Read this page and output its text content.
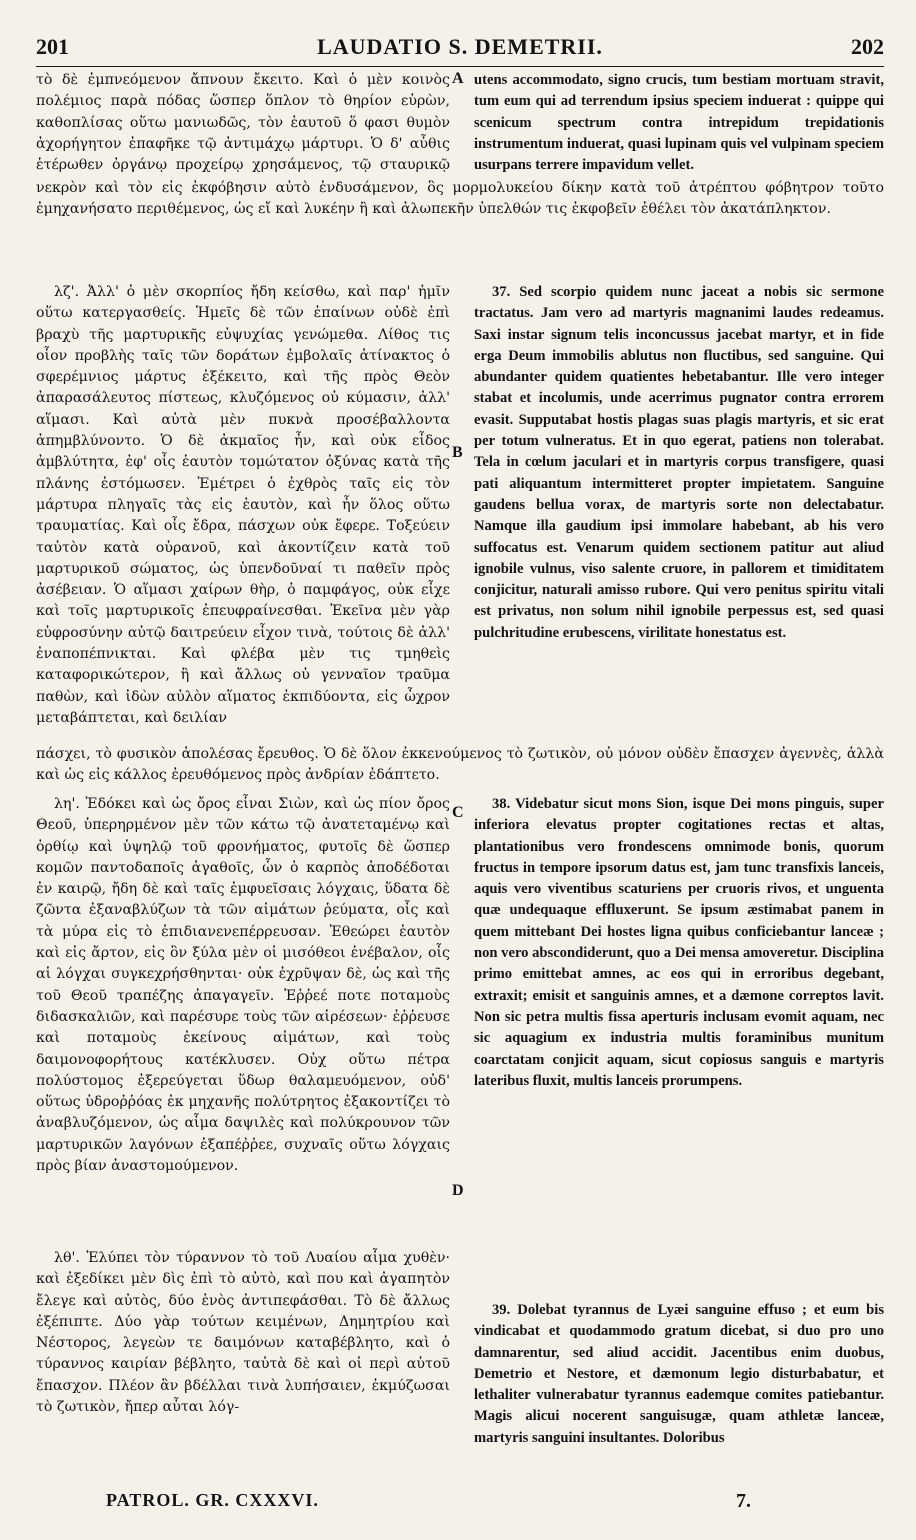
201	LAUDATIO S. DEMETRII.	202

τὸ δὲ ἐμπνεόμενον ἄπνουν ἔκειτο. Καὶ ὁ μὲν κοινὸς πολέμιος παρὰ πόδας ὥσπερ ὅπλον τὸ θηρίον εὑρὼν, καθοπλίσας οὕτω μανιωδῶς, τὸν ἑαυτοῦ ὅ φασι θυμὸν ἀχορήγητον ἐπαφῆκε τῷ ἀντιμάχῳ μάρτυρι. Ὁ δ' αὖθις ἑτέρωθεν ὀργάνῳ προχείρῳ χρησάμενος, τῷ σταυρικῷ

A utens accommodato, signo crucis, tum bestiam mortuam stravit, tum eum qui ad terrendum ipsius speciem induerat : quippe qui scenicum spectrum contra intrepidum trepidationis instrumentum induerat, quasi lupinam quis vel vulpinam speciem usurpans terrere impavidum vellet.

νεκρὸν καὶ τὸν εἰς ἐκφόβησιν αὐτὸ ἐνδυσάμενον, ὃς μορμολυκείου δίκην κατὰ τοῦ ἀτρέπτου φόβητρον τοῦτο ἐμηχανήσατο περιθέμενος, ὡς εἴ καὶ λυκέην ἢ καὶ ἀλωπεκῆν ὑπελθών τις ἐκφοβεῖν ἐθέλει τὸν ἀκατάπληκτον.

λζ'. Ἀλλ' ὁ μὲν σκορπίος ἤδη κείσθω, καὶ παρ' ἡμῖν οὕτω κατεργασθείς. Ἡμεῖς δὲ τῶν ἐπαίνων οὐδὲ ἐπὶ βραχὺ τῆς μαρτυρικῆς εὐψυχίας γενώμεθα. Λίθος τις οἷον προβλὴς ταῖς τῶν δοράτων ἐμβολαῖς ἀτίνακτος ὁ σφερέμνιος μάρτυς ἐξέκειτο, καὶ τῆς πρὸς Θεὸν ἀπαρασάλευτος πίστεως, κλυζόμενος οὐ κύμασιν, ἀλλ' αἵμασι. Καὶ αὐτὰ μὲν πυκνὰ προσέβαλλοντα ἀπημβλύνοντο. Ὁ δὲ ἀκμαῖος ἦν, καὶ οὐκ εἶδος ἀμβλύτητα, ἐφ' οἷς ἑαυτὸν τομώτατον ὀξύνας κατὰ τῆς πλάνης ἐστόμωσεν. Ἐμέτρει ὁ ἐχθρὸς ταῖς εἰς τὸν μάρτυρα πληγαῖς τὰς εἰς ἑαυτὸν, καὶ ἦν ὅλος οὕτω τραυματίας. Καὶ οἷς ἔδρα, πάσχων οὐκ ἔφερε. Τοξεύειν ταὐτὸν κατὰ οὐρανοῦ, καὶ ἀκοντίζειν κατὰ τοῦ μαρτυρικοῦ σώματος, ὡς ὑπενδοῦναί τι παθεῖν πρὸς ἀσέβειαν. Ὁ αἵμασι χαίρων θὴρ, ὁ παμφάγος, οὐκ εἶχε καὶ τοῖς μαρτυρικοῖς ἐπευφραίνεσθαι. Ἐκεῖνα μὲν γὰρ εὐφροσύνην αὐτῷ δαιτρεύειν εἶχον τινὰ, τούτοις δὲ ἀλλ' ἐναποπέπνικται. Καὶ φλέβα μὲν τις τμηθεὶς καταφορικώτερον, ἢ καὶ ἄλλως οὐ γενναῖον τραῦμα παθὼν, καὶ ἰδὼν αὐλὸν αἵματος ἐκπιδύοντα, εἰς ὦχρον μεταβάπτεται, καὶ δειλίαν

B

37. Sed scorpio quidem nunc jaceat a nobis sic sermone tractatus. Jam vero ad martyris magnanimi laudes redeamus. Saxi instar signum telis inconcussus jacebat martyr, et in fide erga Deum immobilis ablutus non fluctibus, sed sanguine. Qui abundanter quidem quatientes hebetabantur. Ille vero integer stabat et incolumis, unde acerrimus pugnator contra errorem evasit. Supputabat hostis plagas suas plagis martyris, et sic erat per totum vulneratus. Et in quo egerat, patiens non tolerabat. Tela in cœlum jaculari et in martyris corpus transfigere, quasi pati aliquantum intermitteret propter impietatem. Sanguine gaudens bellua vorax, de martyris sorte non delectabatur. Namque illa gaudium ipsi immolare habebant, ab his vero suffocatus est. Venarum quidem sectionem patitur aut aliud ignobile vulnus, viso salente cruore, in pallorem et timiditatem conjicitur, naturali amisso rubore. Qui vero penitus spiritu vitali est privatus, non solum nihil ignobile perpessus est, sed quasi pulchritudine erubescens, virilitate honestatus est.

πάσχει, τὸ φυσικὸν ἀπολέσας ἔρευθος. Ὁ δὲ ὅλον ἐκκενούμενος τὸ ζωτικὸν, οὐ μόνον οὐδὲν ἔπασχεν ἀγεννὲς, ἀλλὰ καὶ ὡς εἰς κάλλος ἐρευθόμενος πρὸς ἀνδρίαν ἐδάπτετο.

λη'. Ἐδόκει καὶ ὡς ὄρος εἶναι Σιὼν, καὶ ὡς πίον ὄρος Θεοῦ, ὑπερηρμένον μὲν τῶν κάτω τῷ ἀνατεταμένῳ καὶ ὀρθίῳ καὶ ὑψηλῷ τοῦ φρονήματος, φυτοῖς δὲ ὥσπερ κομῶν παντοδαποῖς ἀγαθοῖς, ὧν ὁ καρπὸς ἀποδέδοται ἐν καιρῷ, ἤδη δὲ καὶ ταῖς ἐμφυεῖσαις λόγχαις, ὕδατα δὲ ζῶντα ἐξαναβλύζων τὰ τῶν αἱμάτων ῥεύματα, οἷς καὶ τὰ μύρα εἰς τὸ ἐπιδιανενεπέρρευσαν. Ἐθεώρει ἑαυτὸν καὶ εἰς ἄρτον, εἰς ὃν ξύλα μὲν οἱ μισόθεοι ἐνέβαλον, οἷς αἱ λόγχαι συγκεχρήσθηνται· οὐκ ἐχρῦψαν δὲ, ὡς καὶ τῆς τοῦ Θεοῦ τραπέζης ἀπαγαγεῖν. Ἐῤῥεέ ποτε ποταμοὺς διδασκαλιῶν, καὶ παρέσυρε τοὺς τῶν αἱρέσεων· ἐῤῥευσε καὶ ποταμοὺς ἐκείνους αἱμάτων, καὶ τοὺς δαιμονοφορήτους κατέκλυσεν. Οὐχ οὕτω πέτρα πολύστομος ἐξερεύγεται ὕδωρ θαλαμευόμενον, οὐδ' οὕτως ὑδροῤῥόας ἐκ μηχανῆς πολύτρητος ἐξακοντίζει τὸ ἀναβλυζόμενον, ὡς αἷμα δαψιλὲς καὶ πολύκρουνον τῶν μαρτυρικῶν λαγόνων ἐξαπέῤῥεε, συχναῖς οὕτω λόγχαις πρὸς βίαν ἀναστομούμενον.

C
D

38. Videbatur sicut mons Sion, isque Dei mons pinguis, super inferiora elevatus propter cogitationes rectas et altas, plantationibus vero frondescens omnimode bonis, quorum fructus in tempore ipsorum datus est, jam tunc transfixis lanceis, aquis vero viventibus scaturiens per cruoris rivos, et unguenta quæ undequaque effluxerunt. Se ipsum æstimabat panem in quem mittebant Dei hostes ligna quibus conficiebantur lanceæ ; non vero abscondiderunt, quo a Dei mensa amoveretur. Disciplina primo emittebat amnes, ac eos qui in erroribus degebant, extraxit; emisit et sanguinis amnes, et a dæmone correptos lavit. Non sic petra multis fissa aperturis inclusam evomit aquam, nec sic aquagium ex industria multis foraminibus munitum coarctatam conjicit aquam, sicut copiosus sanguis e martyris lateribus fluxit, multis lanceis prorumpens.

λθ'. Ἐλύπει τὸν τύραννον τὸ τοῦ Λυαίου αἷμα χυθὲν· καὶ ἐξεδίκει μὲν δὶς ἐπὶ τὸ αὐτὸ, καὶ που καὶ ἀγαπητὸν ἔλεγε καὶ αὐτὸς, δύο ἑνὸς ἀντιπεφάσθαι. Τὸ δὲ ἄλλως ἐξέπιπτε. Δύο γὰρ τούτων κειμένων, Δημητρίου καὶ Νέστορος, λεγεὼν τε δαιμόνων καταβέβλητο, καὶ ὁ τύραννος καιρίαν βέβλητο, ταὐτὰ δὲ καὶ οἱ περὶ αὐτοῦ ἔπασχον. Πλέον ἂν βδέλλαι τινὰ λυπήσαιεν, ἐκμύζωσαι τὸ ζωτικὸν, ἤπερ αὗται λόγ-

39. Dolebat tyrannus de Lyæi sanguine effuso ; et eum bis vindicabat et quodammodo gratum dicebat, si duo pro uno damnarentur, sed aliud accidit. Jacentibus enim duobus, Demetrio et Nestore, et dæmonum legio disturbabatur, et lethaliter vulnerabatur tyrannus eademque comites patiebantur. Magis alicui nocerent sanguisugæ, quam athletæ lanceæ, martyris sanguini insultantes. Doloribus

PATROL. GR. CXXXVI.	7.
